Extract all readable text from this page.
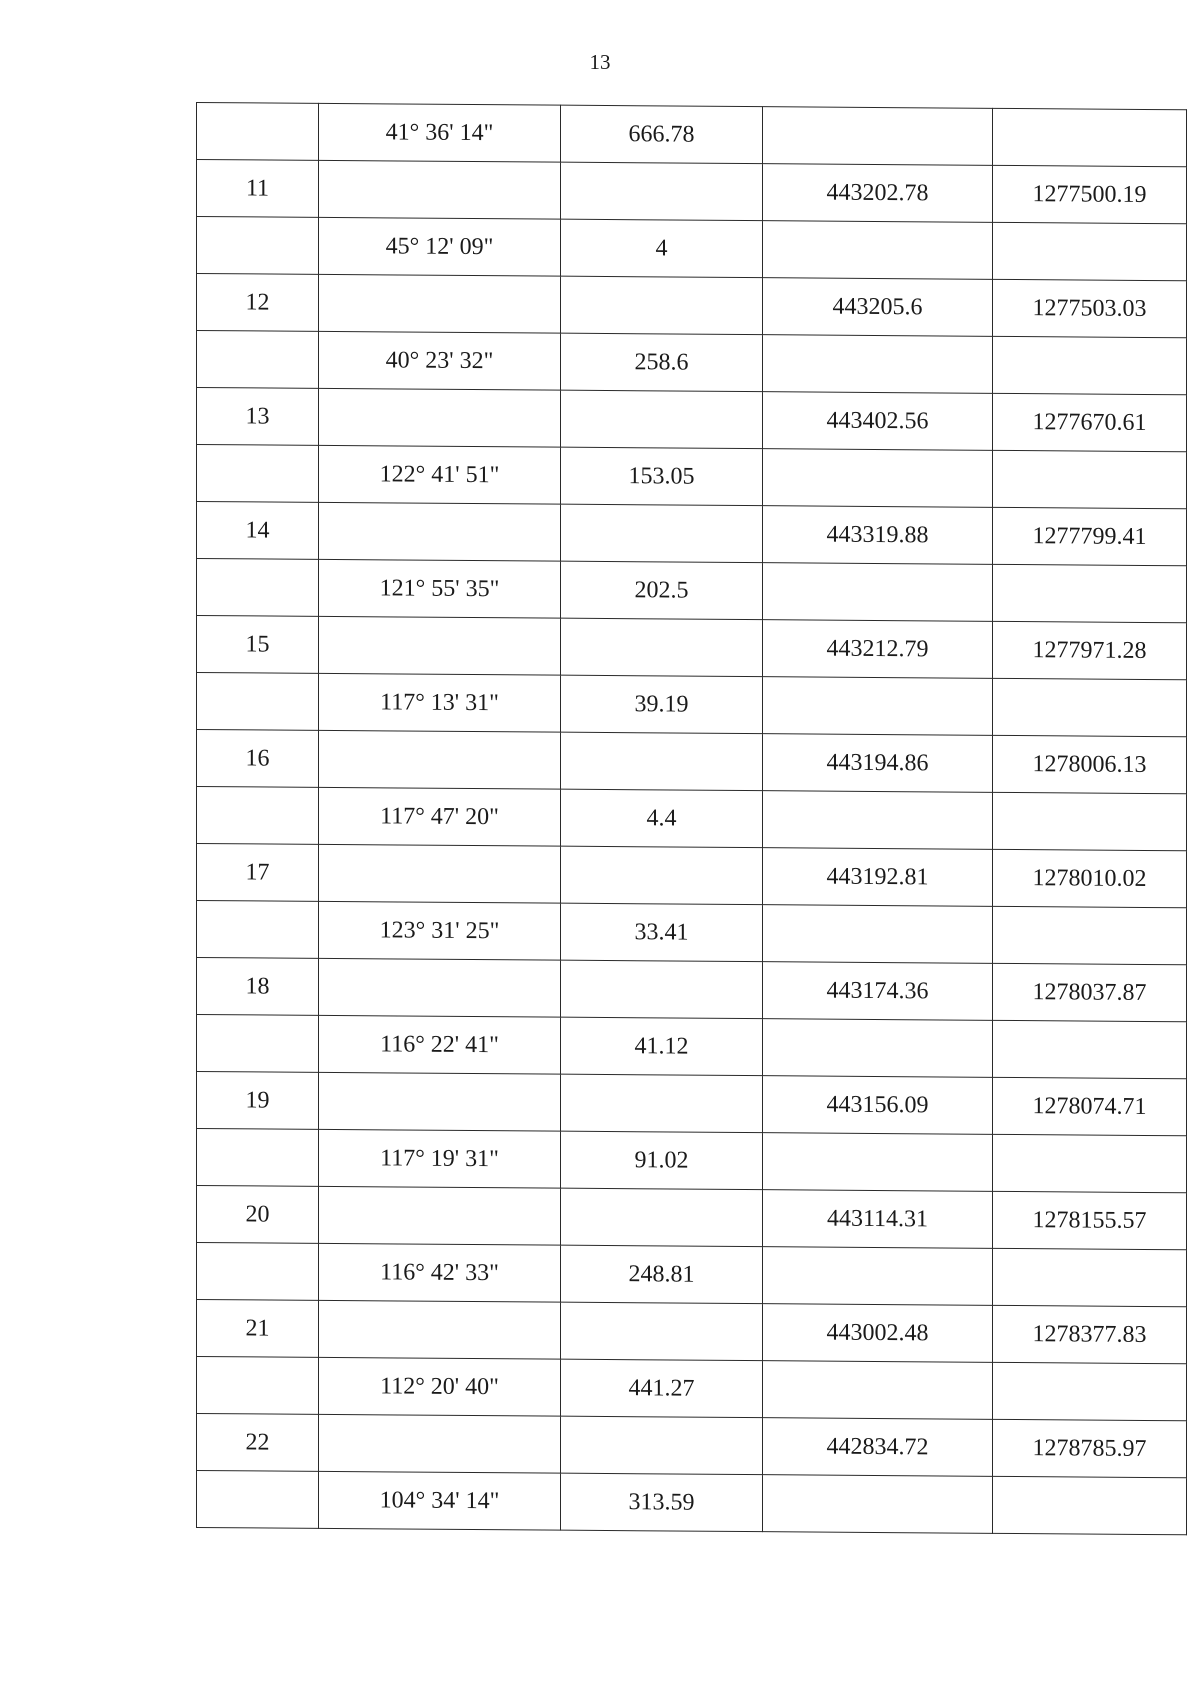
13
	41° 36' 14"	666.78		
11			443202.78	1277500.19
	45° 12' 09"	4		
12			443205.6	1277503.03
	40° 23' 32"	258.6		
13			443402.56	1277670.61
	122° 41' 51"	153.05		
14			443319.88	1277799.41
	121° 55' 35"	202.5		
15			443212.79	1277971.28
	117° 13' 31"	39.19		
16			443194.86	1278006.13
	117° 47' 20"	4.4		
17			443192.81	1278010.02
	123° 31' 25"	33.41		
18			443174.36	1278037.87
	116° 22' 41"	41.12		
19			443156.09	1278074.71
	117° 19' 31"	91.02		
20			443114.31	1278155.57
	116° 42' 33"	248.81		
21			443002.48	1278377.83
	112° 20' 40"	441.27		
22			442834.72	1278785.97
	104° 34' 14"	313.59		
